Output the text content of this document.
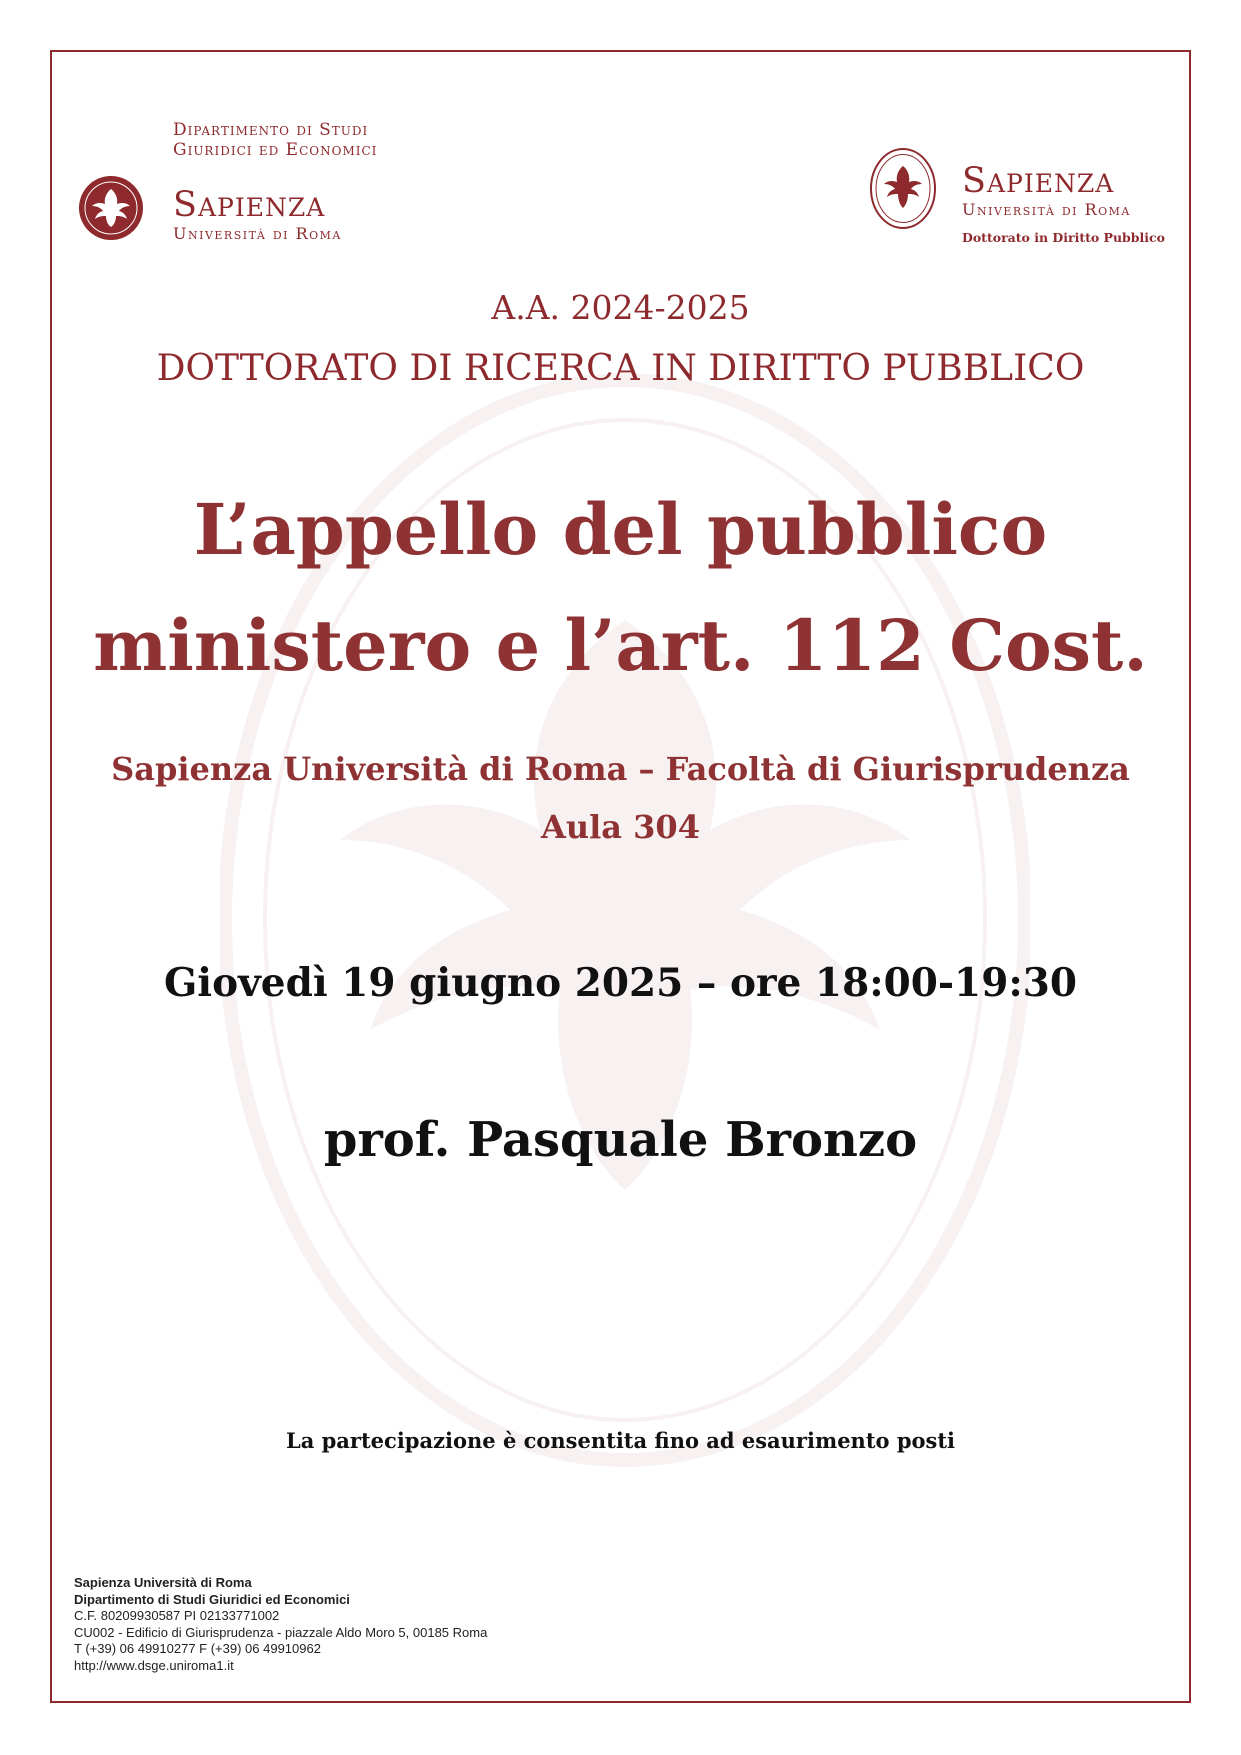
Dipartimento di Studi
Giuridici ed Economici
Sapienza
Università di Roma
Sapienza
Università di Roma
Dottorato in Diritto Pubblico
A.A. 2024-2025
DOTTORATO DI RICERCA IN DIRITTO PUBBLICO
L’appello del pubblico
ministero e l’art. 112 Cost.
Sapienza Università di Roma – Facoltà di Giurisprudenza
Aula 304
Giovedì 19 giugno 2025 – ore 18:00-19:30
prof. Pasquale Bronzo
La partecipazione è consentita fino ad esaurimento posti
Sapienza Università di Roma
Dipartimento di Studi Giuridici ed Economici
C.F. 80209930587 PI 02133771002
CU002 - Edificio di Giurisprudenza - piazzale Aldo Moro 5, 00185 Roma
T (+39) 06 49910277 F (+39) 06 49910962
http://www.dsge.uniroma1.it
